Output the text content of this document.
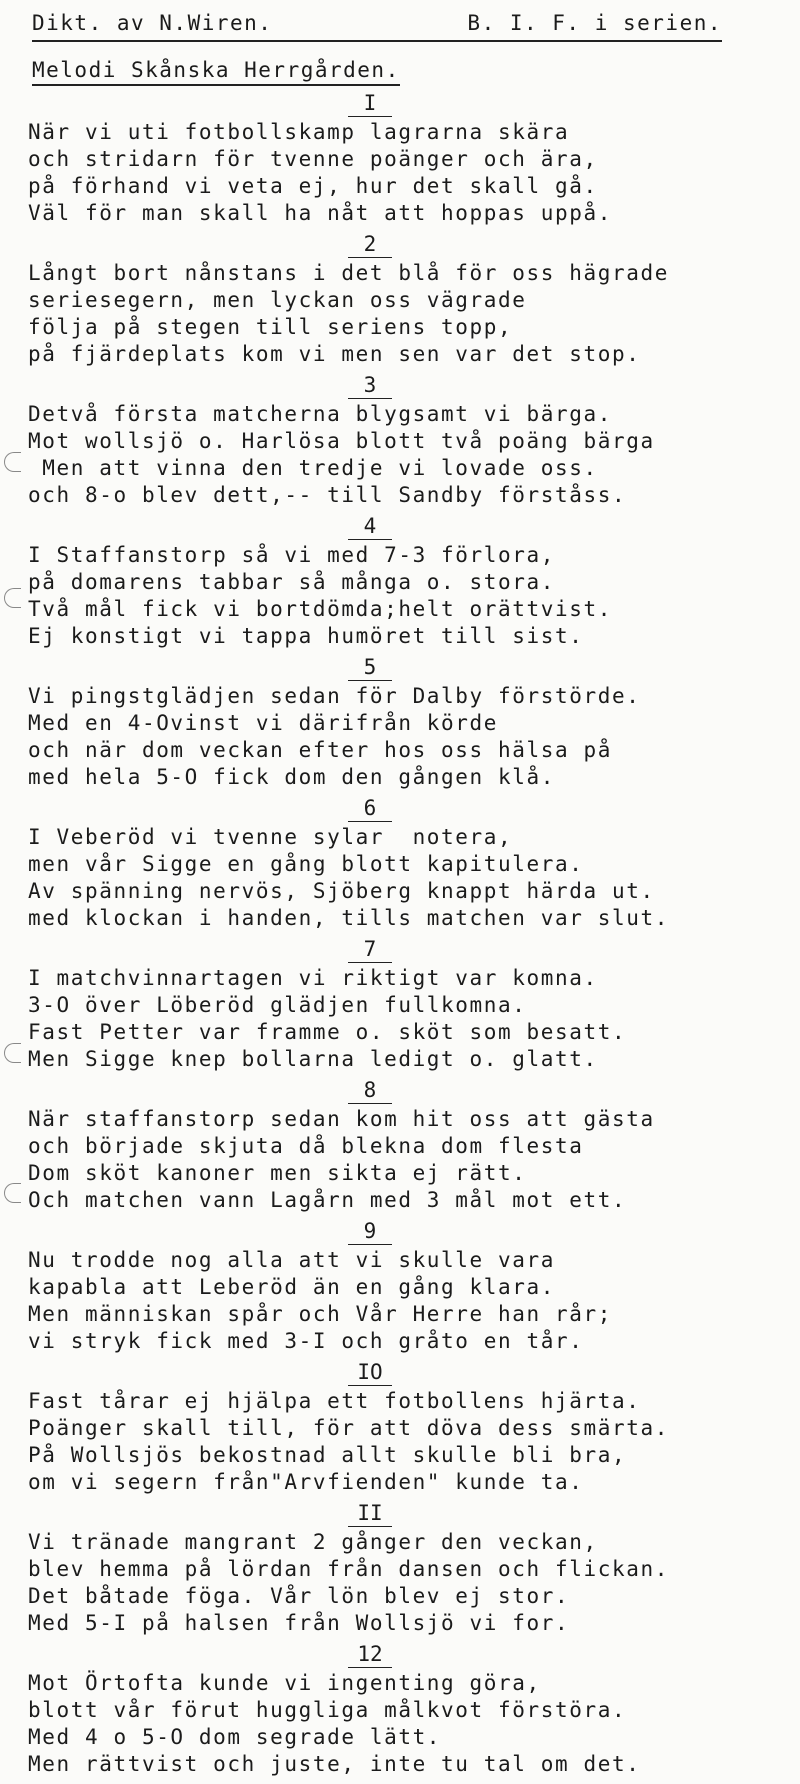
Dikt. av N.Wiren.	B. I. F. i serien.
Melodi Skånska Herrgården.
I
När vi uti fotbollskamp lagrarna skära
och stridarn för tvenne poänger och ära,
på förhand vi veta ej, hur det skall gå.
Väl för man skall ha nåt att hoppas uppå.
2
Långt bort nånstans i det blå för oss hägrade
seriesegern, men lyckan oss vägrade
följa på stegen till seriens topp,
på fjärdeplats kom vi men sen var det stop.
3
Detvå första matcherna blygsamt vi bärga.
Mot wollsjö o. Harlösa blott två poäng bärga
Men att vinna den tredje vi lovade oss.
och 8-o blev dett,-- till Sandby förståss.
4
I Staffanstorp så vi med 7-3 förlora,
på domarens tabbar så många o. stora.
Två mål fick vi bortdömda;helt orättvist.
Ej konstigt vi tappa humöret till sist.
5
Vi pingstglädjen sedan för Dalby förstörde.
Med en 4-Ovinst vi därifrån körde
och när dom veckan efter hos oss hälsa på
med hela 5-O fick dom den gången klå.
6
I Veberöd vi tvenne sylar  notera,
men vår Sigge en gång blott kapitulera.
Av spänning nervös, Sjöberg knappt härda ut.
med klockan i handen, tills matchen var slut.
7
I matchvinnartagen vi riktigt var komna.
3-O över Löberöd glädjen fullkomna.
Fast Petter var framme o. sköt som besatt.
Men Sigge knep bollarna ledigt o. glatt.
8
När staffanstorp sedan kom hit oss att gästa
och började skjuta då blekna dom flesta
Dom sköt kanoner men sikta ej rätt.
Och matchen vann Lagårn med 3 mål mot ett.
9
Nu trodde nog alla att vi skulle vara
kapabla att Leberöd än en gång klara.
Men människan spår och Vår Herre han rår;
vi stryk fick med 3-I och gråto en tår.
IO
Fast tårar ej hjälpa ett fotbollens hjärta.
Poänger skall till, för att döva dess smärta.
På Wollsjös bekostnad allt skulle bli bra,
om vi segern från"Arvfienden" kunde ta.
II
Vi tränade mangrant 2 gånger den veckan,
blev hemma på lördan från dansen och flickan.
Det båtade föga. Vår lön blev ej stor.
Med 5-I på halsen från Wollsjö vi for.
12
Mot Örtofta kunde vi ingenting göra,
blott vår förut huggliga målkvot förstöra.
Med 4 o 5-O dom segrade lätt.
Men rättvist och juste, inte tu tal om det.
